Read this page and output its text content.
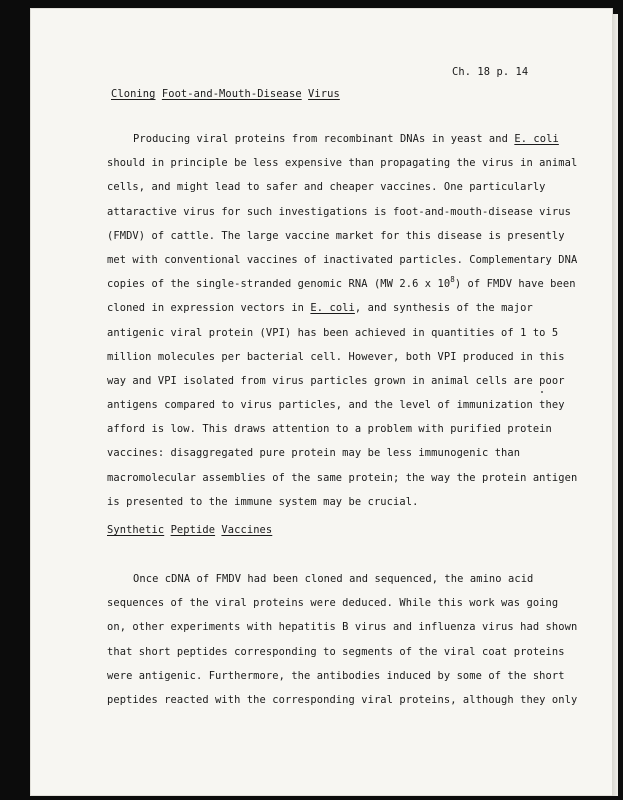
Ch. 18 p. 14
Cloning Foot-and-Mouth-Disease Virus
Producing viral proteins from recombinant DNAs in yeast and E. coli
should in principle be less expensive than propagating the virus in animal
cells, and might lead to safer and cheaper vaccines. One particularly
attaractive virus for such investigations is foot-and-mouth-disease virus
(FMDV) of cattle. The large vaccine market for this disease is presently
met with conventional vaccines of inactivated particles. Complementary DNA
copies of the single-stranded genomic RNA (MW 2.6 x $10^8$) of FMDV have been
cloned in expression vectors in E. coli, and synthesis of the major
antigenic viral protein (VPI) has been achieved in quantities of 1 to 5
million molecules per bacterial cell. However, both VPI produced in this
way and VPI isolated from virus particles grown in animal cells are poor
antigens compared to virus particles, and the level of immunization they
afford is low. This draws attention to a problem with purified protein
vaccines: disaggregated pure protein may be less immunogenic than
macromolecular assemblies of the same protein; the way the protein antigen
is presented to the immune system may be crucial.
Synthetic Peptide Vaccines
Once cDNA of FMDV had been cloned and sequenced, the amino acid
sequences of the viral proteins were deduced. While this work was going
on, other experiments with hepatitis B virus and influenza virus had shown
that short peptides corresponding to segments of the viral coat proteins
were antigenic. Furthermore, the antibodies induced by some of the short
peptides reacted with the corresponding viral proteins, although they only
